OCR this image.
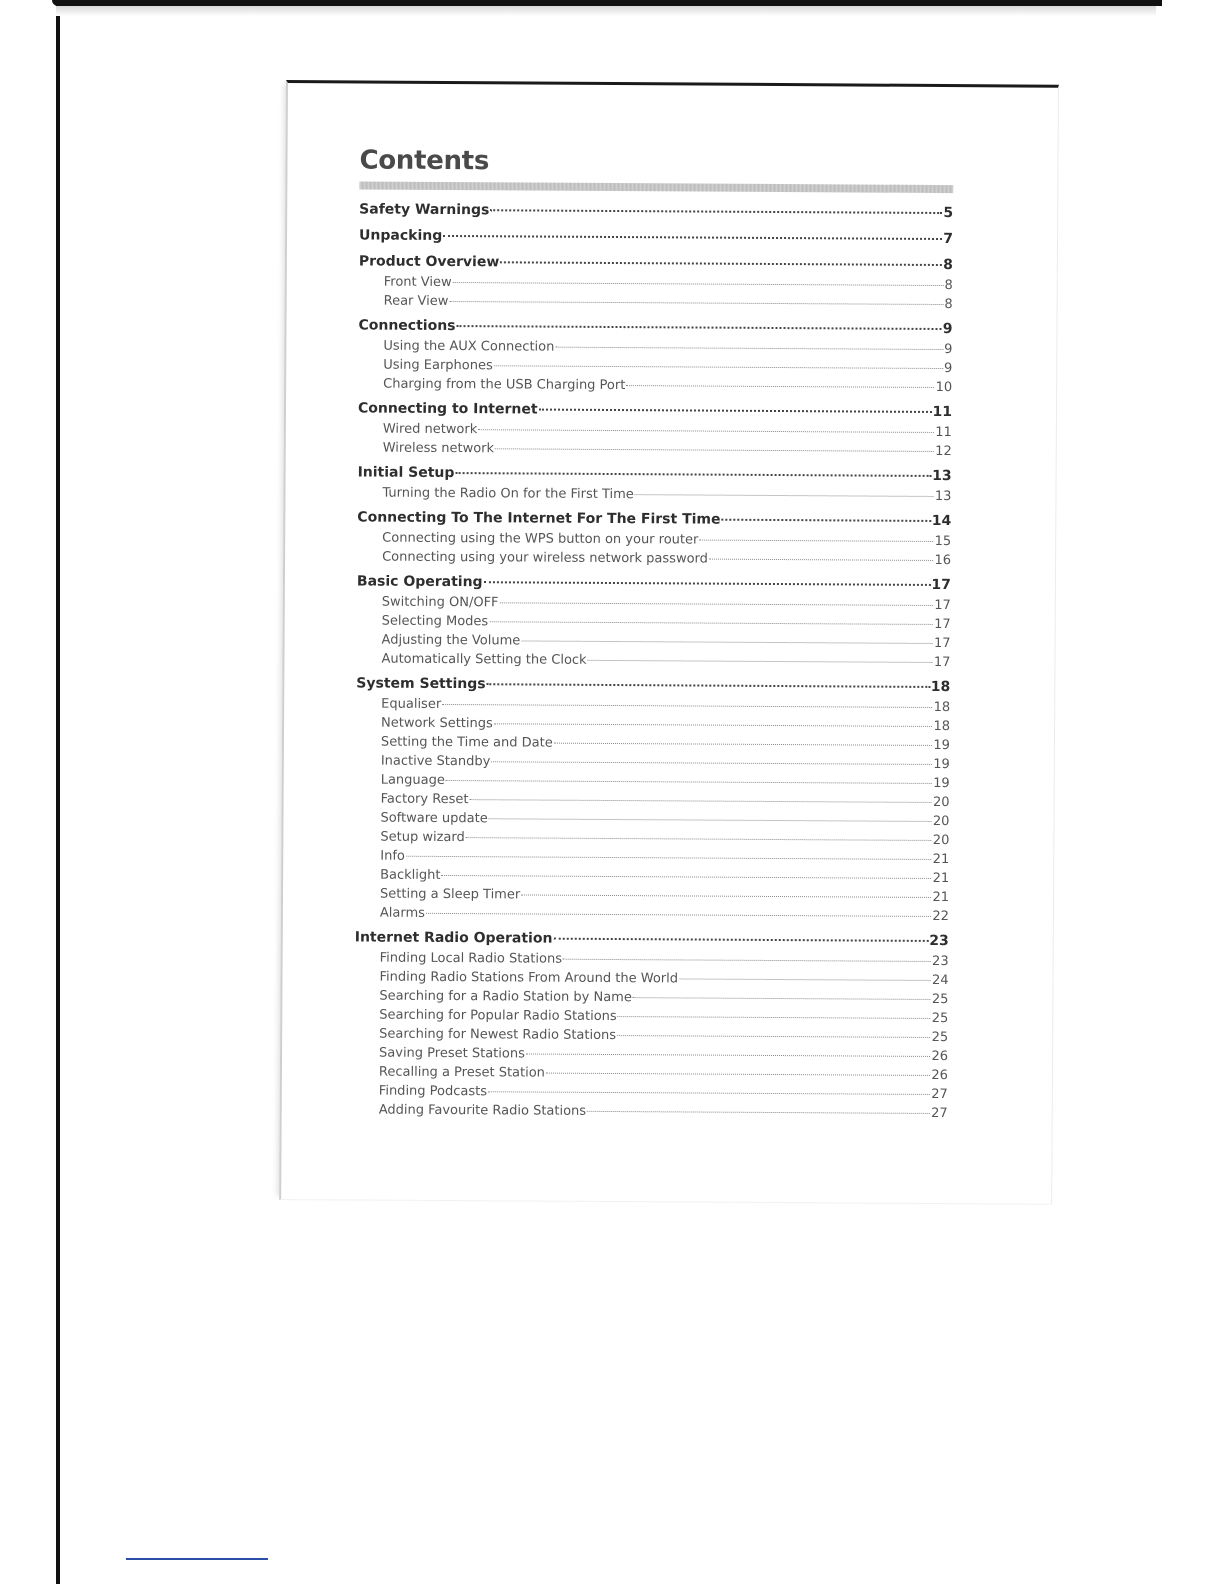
Contents
Safety Warnings	5
Unpacking	7
Product Overview	8
Front View	8
Rear View	8
Connections	9
Using the AUX Connection	9
Using Earphones	9
Charging from the USB Charging Port	10
Connecting to Internet	11
Wired network	11
Wireless network	12
Initial Setup	13
Turning the Radio On for the First Time	13
Connecting To The Internet For The First Time	14
Connecting using the WPS button on your router	15
Connecting using your wireless network password	16
Basic Operating	17
Switching ON/OFF	17
Selecting Modes	17
Adjusting the Volume	17
Automatically Setting the Clock	17
System Settings	18
Equaliser	18
Network Settings	18
Setting the Time and Date	19
Inactive Standby	19
Language	19
Factory Reset	20
Software update	20
Setup wizard	20
Info	21
Backlight	21
Setting a Sleep Timer	21
Alarms	22
Internet Radio Operation	23
Finding Local Radio Stations	23
Finding Radio Stations From Around the World	24
Searching for a Radio Station by Name	25
Searching for Popular Radio Stations	25
Searching for Newest Radio Stations	25
Saving Preset Stations	26
Recalling a Preset Station	26
Finding Podcasts	27
Adding Favourite Radio Stations	27
